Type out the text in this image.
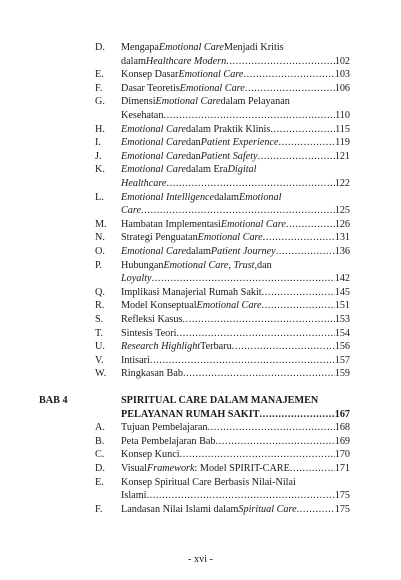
D. Mengapa Emotional Care Menjadi Kritis
dalam Healthcare Modern .....	102
E. Konsep Dasar Emotional Care .....	103
F. Dasar Teoretis Emotional Care .....	106
G. Dimensi Emotional Care dalam Pelayanan
Kesehatan .....	110
H. Emotional Care dalam Praktik Klinis .....	115
I. Emotional Care dan Patient Experience .....	119
J. Emotional Care dan Patient Safety .....	121
K. Emotional Care dalam Era Digital
Healthcare .....	122
L. Emotional Intelligence dalam Emotional
Care .....	125
M. Hambatan Implementasi Emotional Care .....	126
N. Strategi Penguatan Emotional Care .....	131
O. Emotional Care dalam Patient Journey .....	136
P. Hubungan Emotional Care, Trust, dan
Loyalty .....	142
Q. Implikasi Manajerial Rumah Sakit .....	145
R. Model Konseptual Emotional Care .....	151
S. Refleksi Kasus .....	153
T. Sintesis Teori .....	154
U. Research Highlight Terbaru .....	156
V. Intisari .....	157
W. Ringkasan Bab .....	159
BAB 4	SPIRITUAL CARE DALAM MANAJEMEN
PELAYANAN RUMAH SAKIT .....	167
A. Tujuan Pembelajaran .....	168
B. Peta Pembelajaran Bab .....	169
C. Konsep Kunci .....	170
D. Visual Framework : Model SPIRIT-CARE .....	171
E. Konsep Spiritual Care Berbasis Nilai-Nilai
Islami .....	175
F. Landasan Nilai Islami dalam Spiritual Care .....	175
- xvi -
